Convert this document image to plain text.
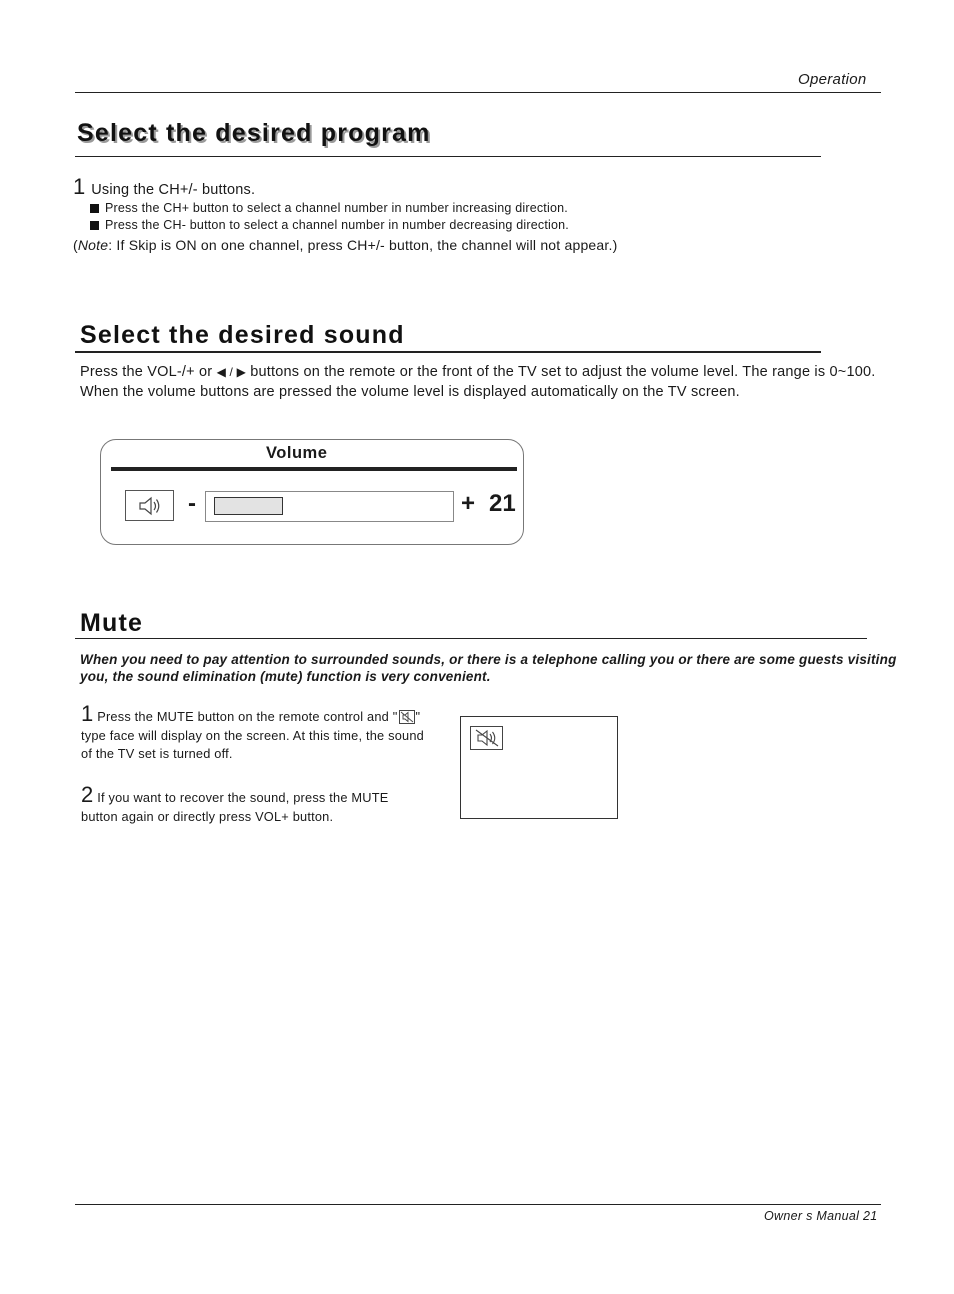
Operation
Select the desired program
1 Using the CH+/- buttons.
Press the CH+ button to select a channel number in number increasing direction.
Press the CH- button to select a channel number in number decreasing direction.
(Note: If Skip is ON on one channel, press CH+/- button, the channel will not appear.)
Select the desired sound
Press the VOL-/+ or ◀ / ▶ buttons on the remote or the front of the TV set to adjust the volume level. The range is 0~100.
When the volume buttons are pressed the volume level is displayed automatically on the TV screen.
Volume
-	+ 21
Mute
When you need to pay attention to surrounded sounds, or there is a telephone calling you or there are some guests visiting you, the sound elimination (mute) function is very convenient.
1 Press the MUTE button on the remote control and " "
type face will display on the screen. At this time, the sound
of the TV set is turned off.
2 If you want to recover the sound, press the MUTE
button again or directly press VOL+ button.
Owner s Manual 21
